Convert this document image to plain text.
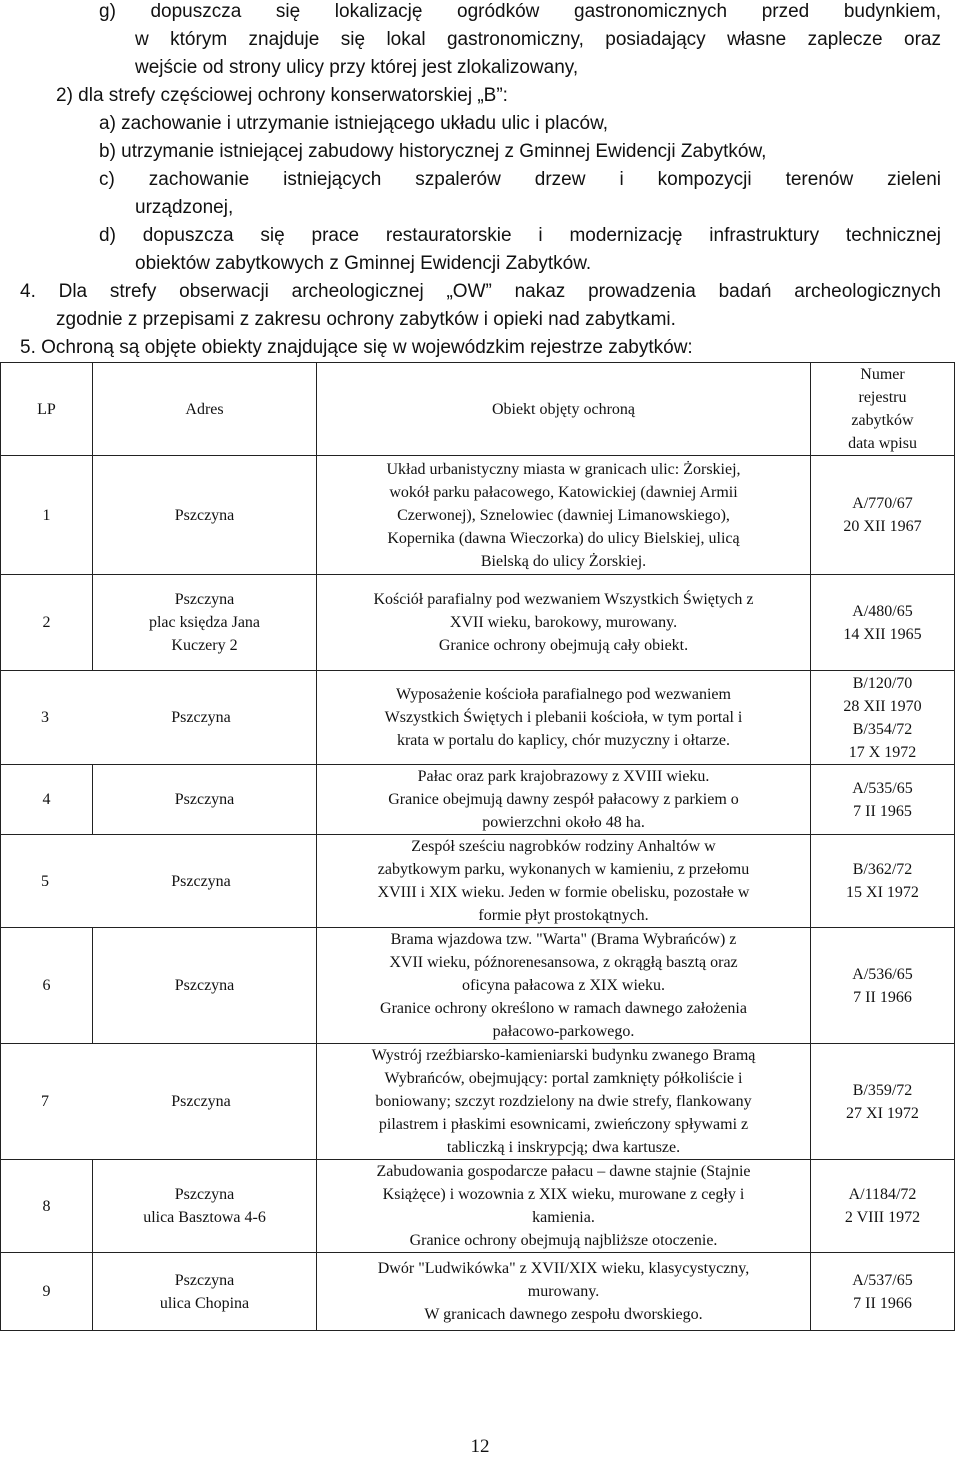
g) dopuszcza się lokalizację ogródków gastronomicznych przed budynkiem,
w którym znajduje się lokal gastronomiczny, posiadający własne zaplecze oraz
wejście od strony ulicy przy której jest zlokalizowany,
2) dla strefy częściowej ochrony konserwatorskiej „B”:
a) zachowanie i utrzymanie istniejącego układu ulic i placów,
b) utrzymanie istniejącej zabudowy historycznej z Gminnej Ewidencji Zabytków,
c) zachowanie istniejących szpalerów drzew i kompozycji terenów zieleni
urządzonej,
d) dopuszcza się prace restauratorskie i modernizację infrastruktury technicznej
obiektów zabytkowych z Gminnej Ewidencji Zabytków.
4. Dla strefy obserwacji archeologicznej „OW” nakaz prowadzenia badań archeologicznych
zgodnie z przepisami z zakresu ochrony zabytków i opieki nad zabytkami.
5. Ochroną są objęte obiekty znajdujące się w wojewódzkim rejestrze zabytków:
LP	Adres	Obiekt objęty ochroną	Numer
rejestru
zabytków
data wpisu

1	Pszczyna	Układ urbanistyczny miasta w granicach ulic: Żorskiej,
wokół parku pałacowego, Katowickiej (dawniej Armii
Czerwonej), Sznelowiec (dawniej Limanowskiego),
Kopernika (dawna Wieczorka) do ulicy Bielskiej, ulicą
Bielską do ulicy Żorskiej.	A/770/67
20 XII 1967

2	Pszczyna
plac księdza Jana
Kuczery 2	Kościół parafialny pod wezwaniem Wszystkich Świętych z
XVII wieku, barokowy, murowany.
Granice ochrony obejmują cały obiekt.	A/480/65
14 XII 1965

3 Pszczyna		Wyposażenie kościoła parafialnego pod wezwaniem
Wszystkich Świętych i plebanii kościoła, w tym portal i
krata w portalu do kaplicy, chór muzyczny i ołtarze.	B/120/70
28 XII 1970
B/354/72
17 X 1972

4	Pszczyna	Pałac oraz park krajobrazowy z XVIII wieku.
Granice obejmują dawny zespół pałacowy z parkiem o
powierzchni około 48 ha.	A/535/65
7 II 1965

5 Pszczyna		Zespół sześciu nagrobków rodziny Anhaltów w
zabytkowym parku, wykonanych w kamieniu, z przełomu
XVIII i XIX wieku. Jeden w formie obelisku, pozostałe w
formie płyt prostokątnych.	B/362/72
15 XI 1972

6	Pszczyna	Brama wjazdowa tzw. "Warta" (Brama Wybrańców) z
XVII wieku, późnorenesansowa, z okrągłą basztą oraz
oficyna pałacowa z XIX wieku.
Granice ochrony określono w ramach dawnego założenia
pałacowo-parkowego.	A/536/65
7 II 1966

7 Pszczyna		Wystrój rzeźbiarsko-kamieniarski budynku zwanego Bramą
Wybrańców, obejmujący: portal zamknięty półkoliście i
boniowany; szczyt rozdzielony na dwie strefy, flankowany
pilastrem i płaskimi esownicami, zwieńczony spływami z
tabliczką i inskrypcją; dwa kartusze.	B/359/72
27 XI 1972

8	Pszczyna
ulica Basztowa 4-6	Zabudowania gospodarcze pałacu – dawne stajnie (Stajnie
Książęce) i wozownia z XIX wieku, murowane z cegły i
kamienia.
Granice ochrony obejmują najbliższe otoczenie.	A/1184/72
2 VIII 1972

9	Pszczyna
ulica Chopina	Dwór "Ludwikówka" z XVII/XIX wieku, klasycystyczny,
murowany.
W granicach dawnego zespołu dworskiego.	A/537/65
7 II 1966
12
